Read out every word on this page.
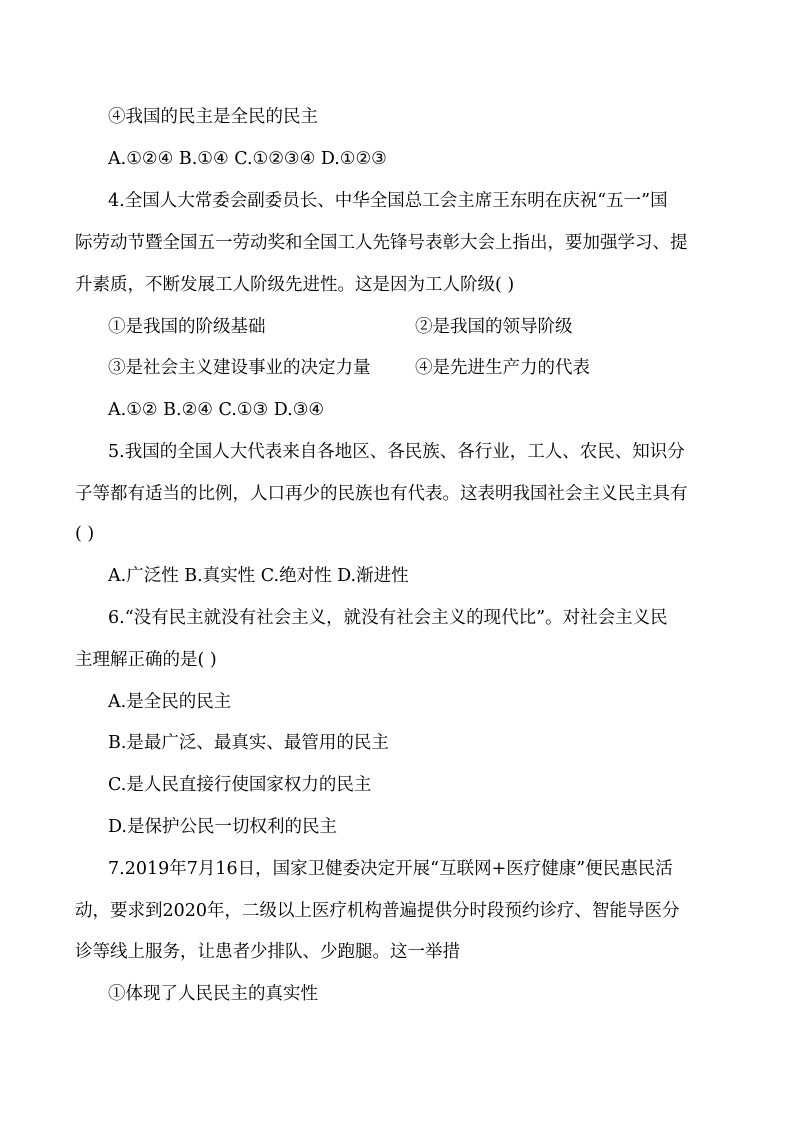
④我国的民主是全民的民主
A.①②④ B.①④ C.①②③④ D.①②③
4.全国人大常委会副委员长、中华全国总工会主席王东明在庆祝“五一”国
际劳动节暨全国五一劳动奖和全国工人先锋号表彰大会上指出，要加强学习、提
升素质，不断发展工人阶级先进性。这是因为工人阶级( )
①是我国的阶级基础	②是我国的领导阶级
③是社会主义建设事业的决定力量	④是先进生产力的代表
A.①② B.②④ C.①③ D.③④
5.我国的全国人大代表来自各地区、各民族、各行业，工人、农民、知识分
子等都有适当的比例，人口再少的民族也有代表。这表明我国社会主义民主具有
( )
A.广泛性 B.真实性 C.绝对性 D.渐进性
6.“没有民主就没有社会主义，就没有社会主义的现代比”。对社会主义民
主理解正确的是( )
A.是全民的民主
B.是最广泛、最真实、最管用的民主
C.是人民直接行使国家权力的民主
D.是保护公民一切权利的民主
7.2019年7月16日，国家卫健委决定开展“互联网+医疗健康”便民惠民活
动，要求到2020年，二级以上医疗机构普遍提供分时段预约诊疗、智能导医分
诊等线上服务，让患者少排队、少跑腿。这一举措
①体现了人民民主的真实性
